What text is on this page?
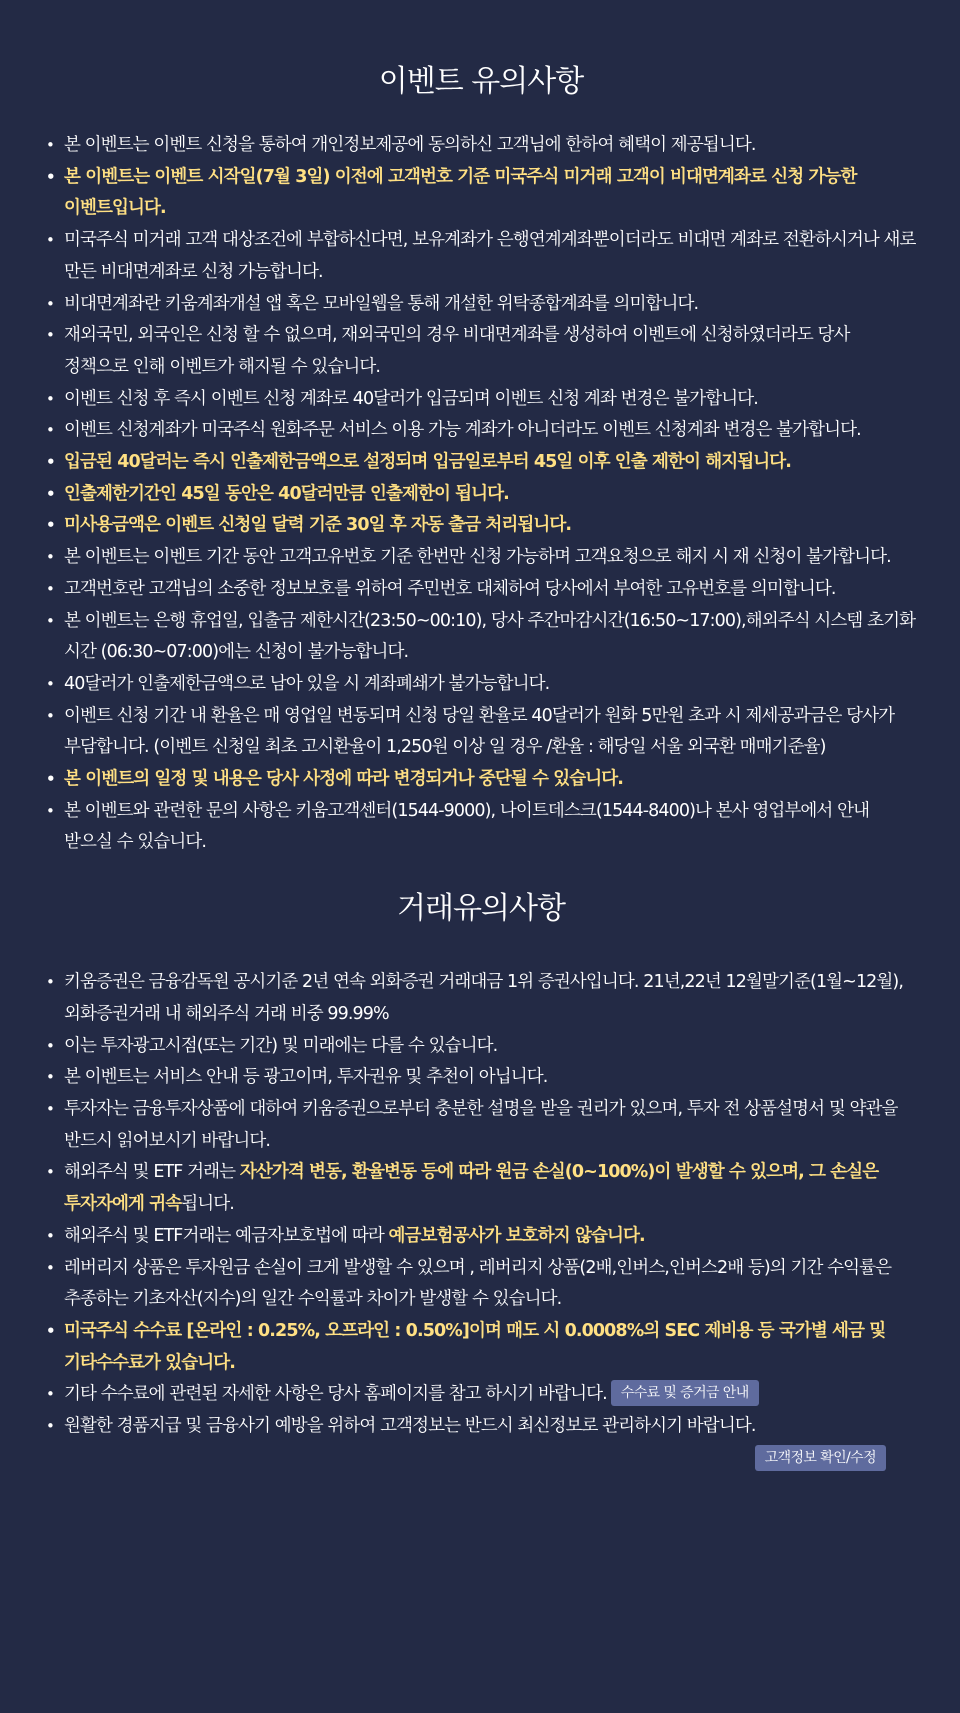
이벤트 유의사항
• 본 이벤트는 이벤트 신청을 통하여 개인정보제공에 동의하신 고객님에 한하여 혜택이 제공됩니다.
• 본 이벤트는 이벤트 시작일(7월 3일) 이전에 고객번호 기준 미국주식 미거래 고객이 비대면계좌로 신청 가능한 이벤트입니다.
• 미국주식 미거래 고객 대상조건에 부합하신다면, 보유계좌가 은행연계계좌뿐이더라도 비대면 계좌로 전환하시거나 새로 만든 비대면계좌로 신청 가능합니다.
• 비대면계좌란 키움계좌개설 앱 혹은 모바일웹을 통해 개설한 위탁종합계좌를 의미합니다.
• 재외국민, 외국인은 신청 할 수 없으며, 재외국민의 경우 비대면계좌를 생성하여 이벤트에 신청하였더라도 당사 정책으로 인해 이벤트가 해지될 수 있습니다.
• 이벤트 신청 후 즉시 이벤트 신청 계좌로 40달러가 입금되며 이벤트 신청 계좌 변경은 불가합니다.
• 이벤트 신청계좌가 미국주식 원화주문 서비스 이용 가능 계좌가 아니더라도 이벤트 신청계좌 변경은 불가합니다.
• 입금된 40달러는 즉시 인출제한금액으로 설정되며 입금일로부터 45일 이후 인출 제한이 해지됩니다.
• 인출제한기간인 45일 동안은 40달러만큼 인출제한이 됩니다.
• 미사용금액은 이벤트 신청일 달력 기준 30일 후 자동 출금 처리됩니다.
• 본 이벤트는 이벤트 기간 동안 고객고유번호 기준 한번만 신청 가능하며 고객요청으로 해지 시 재 신청이 불가합니다.
• 고객번호란 고객님의 소중한 정보보호를 위하여 주민번호 대체하여 당사에서 부여한 고유번호를 의미합니다.
• 본 이벤트는 은행 휴업일, 입출금 제한시간(23:50~00:10), 당사 주간마감시간(16:50~17:00),해외주식 시스템 초기화 시간 (06:30~07:00)에는 신청이 불가능합니다.
• 40달러가 인출제한금액으로 남아 있을 시 계좌폐쇄가 불가능합니다.
• 이벤트 신청 기간 내 환율은 매 영업일 변동되며 신청 당일 환율로 40달러가 원화 5만원 초과 시 제세공과금은 당사가 부담합니다. (이벤트 신청일 최초 고시환율이 1,250원 이상 일 경우 /환율 : 해당일 서울 외국환 매매기준율)
• 본 이벤트의 일정 및 내용은 당사 사정에 따라 변경되거나 중단될 수 있습니다.
• 본 이벤트와 관련한 문의 사항은 키움고객센터(1544-9000), 나이트데스크(1544-8400)나 본사 영업부에서 안내 받으실 수 있습니다.
거래유의사항
• 키움증권은 금융감독원 공시기준 2년 연속 외화증권 거래대금 1위 증권사입니다. 21년,22년 12월말기준(1월~12월), 외화증권거래 내 해외주식 거래 비중 99.99%
• 이는 투자광고시점(또는 기간) 및 미래에는 다를 수 있습니다.
• 본 이벤트는 서비스 안내 등 광고이며, 투자권유 및 추천이 아닙니다.
• 투자자는 금융투자상품에 대하여 키움증권으로부터 충분한 설명을 받을 권리가 있으며, 투자 전 상품설명서 및 약관을 반드시 읽어보시기 바랍니다.
• 해외주식 및 ETF 거래는 자산가격 변동, 환율변동 등에 따라 원금 손실(0~100%)이 발생할 수 있으며, 그 손실은 투자자에게 귀속됩니다.
• 해외주식 및 ETF거래는 예금자보호법에 따라 예금보험공사가 보호하지 않습니다.
• 레버리지 상품은 투자원금 손실이 크게 발생할 수 있으며 , 레버리지 상품(2배,인버스,인버스2배 등)의 기간 수익률은 추종하는 기초자산(지수)의 일간 수익률과 차이가 발생할 수 있습니다.
• 미국주식 수수료 [온라인 : 0.25%, 오프라인 : 0.50%]이며 매도 시 0.0008%의 SEC 제비용 등 국가별 세금 및 기타수수료가 있습니다.
• 기타 수수료에 관련된 자세한 사항은 당사 홈페이지를 참고 하시기 바랍니다. 수수료 및 증거금 안내
• 원활한 경품지급 및 금융사기 예방을 위하여 고객정보는 반드시 최신정보로 관리하시기 바랍니다.
고객정보 확인/수정
